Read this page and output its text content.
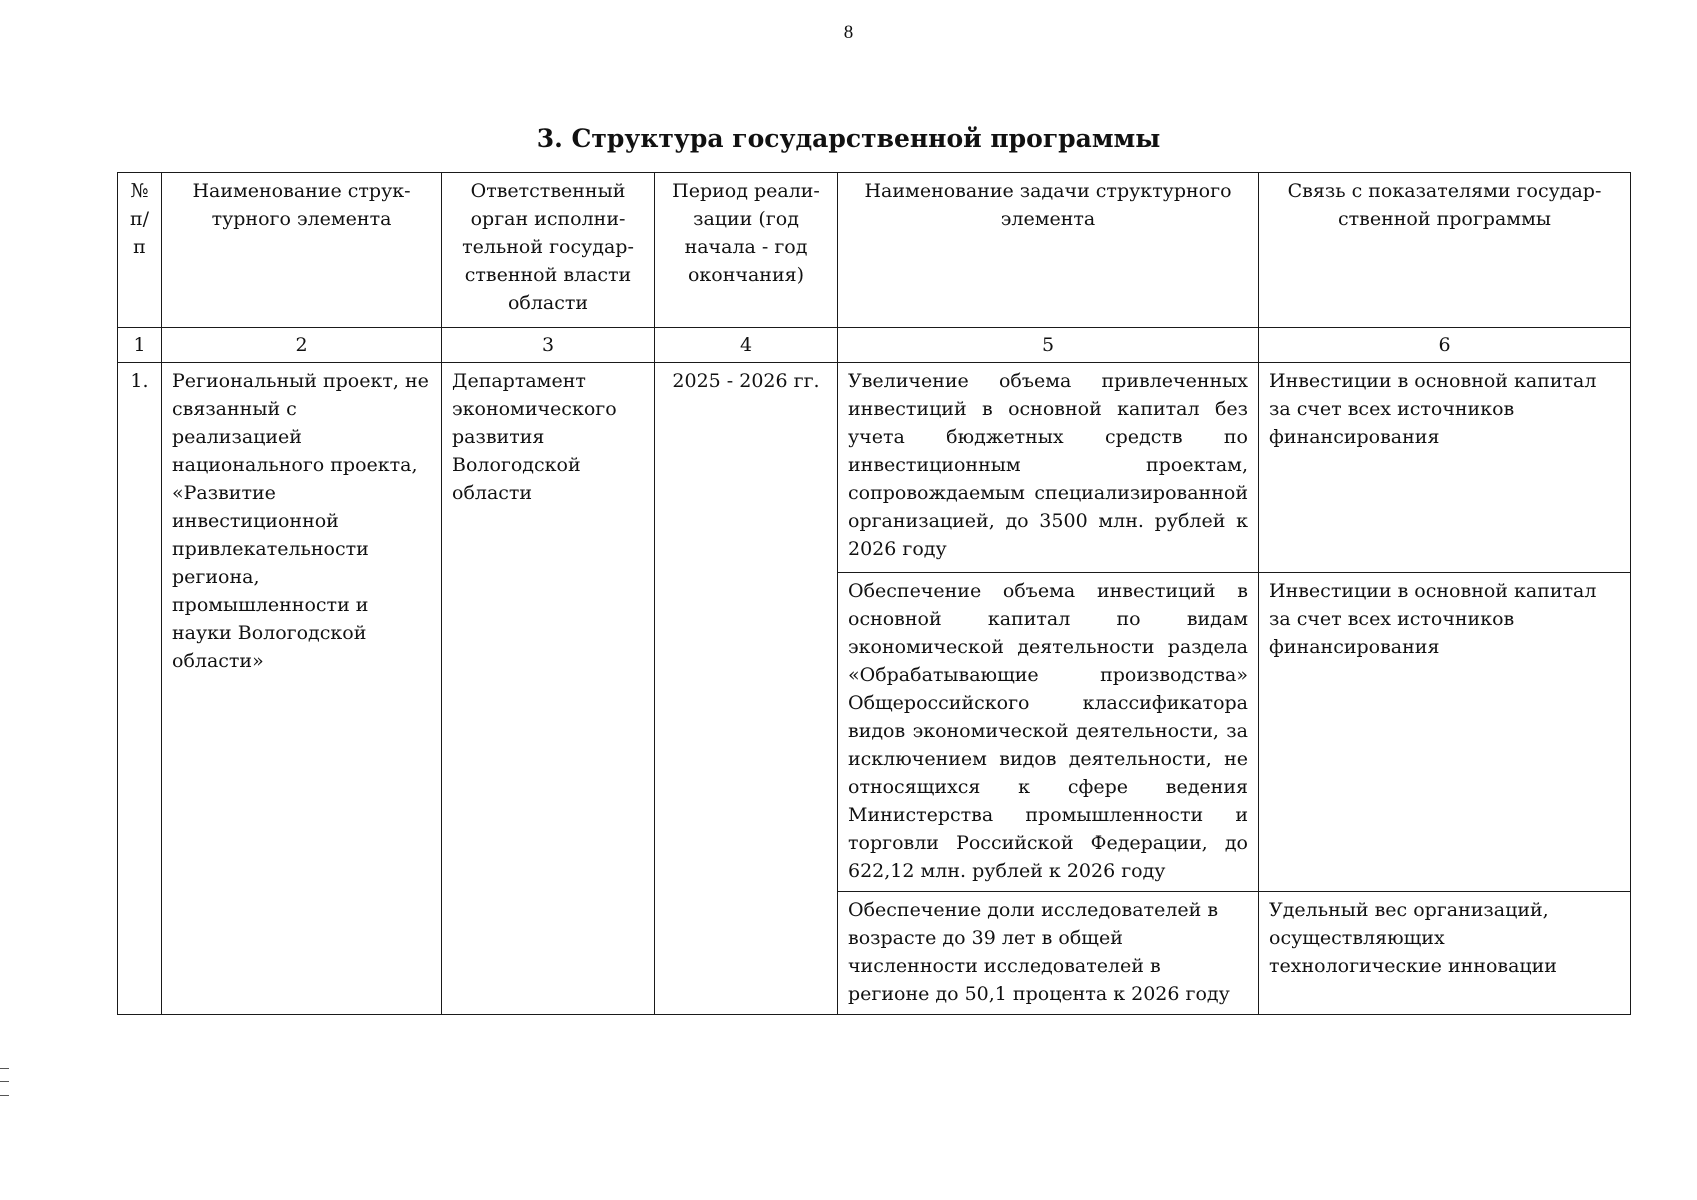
8
3. Структура государственной программы
№ п/п	Наименование струк-турного элемента	Ответственный орган исполни-тельной государ-ственной власти области	Период реали-зации (год начала - год окончания)	Наименование задачи структурного элемента	Связь с показателями государ-ственной программы
1	2	3	4	5	6
1.	Региональный проект, не связанный с реализацией национального проекта, «Развитие инвестиционной привлекательности региона, промышленности и науки Вологодской области»	Департамент экономического развития Вологодской области	2025 - 2026 гг.	Увеличение объема привлеченных инвестиций в основной капитал без учета бюджетных средств по инвестиционным проектам, сопровождаемым специализированной организацией, до 3500 млн. рублей к 2026 году	Инвестиции в основной капитал за счет всех источников финансирования
				Обеспечение объема инвестиций в основной капитал по видам экономической деятельности раздела «Обрабатывающие производства» Общероссийского классификатора видов экономической деятельности, за исключением видов деятельности, не относящихся к сфере ведения Министерства промышленности и торговли Российской Федерации, до 622,12 млн. рублей к 2026 году	Инвестиции в основной капитал за счет всех источников финансирования
				Обеспечение доли исследователей в возрасте до 39 лет в общей численности исследователей в регионе до 50,1 процента к 2026 году	Удельный вес организаций, осуществляющих технологические инновации
